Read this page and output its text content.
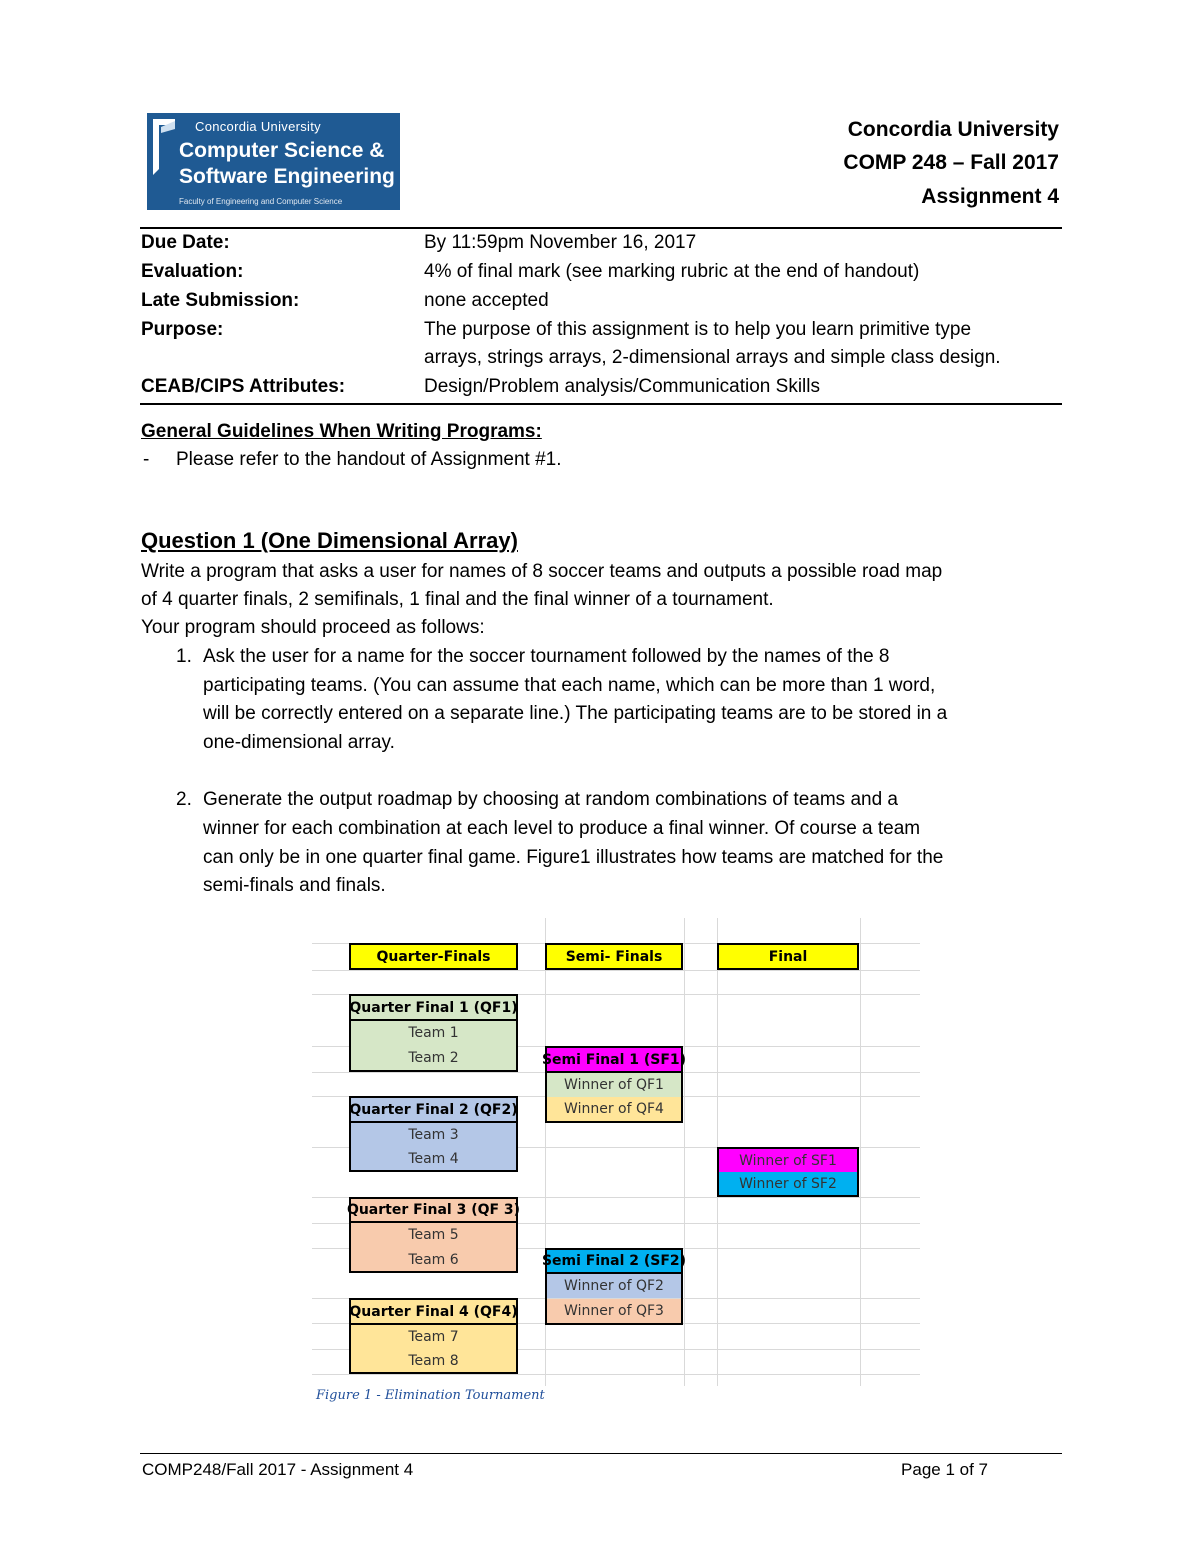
Concordia University
Computer Science &
Software Engineering
Faculty of Engineering and Computer Science
Concordia University
COMP 248 – Fall 2017
Assignment 4
Due Date:	By 11:59pm November 16, 2017
Evaluation:	4% of final mark (see marking rubric at the end of handout)
Late Submission:	none accepted
Purpose:	The purpose of this assignment is to help you learn primitive type
arrays, strings arrays, 2-dimensional arrays and simple class design.
CEAB/CIPS Attributes:	Design/Problem analysis/Communication Skills
General Guidelines When Writing Programs:
- Please refer to the handout of Assignment #1.
Question 1 (One Dimensional Array)
Write a program that asks a user for names of 8 soccer teams and outputs a possible road map
of 4 quarter finals, 2 semifinals, 1 final and the final winner of a tournament.
Your program should proceed as follows:
1. Ask the user for a name for the soccer tournament followed by the names of the 8
participating teams. (You can assume that each name, which can be more than 1 word,
will be correctly entered on a separate line.) The participating teams are to be stored in a
one-dimensional array.
2. Generate the output roadmap by choosing at random combinations of teams and a
winner for each combination at each level to produce a final winner. Of course a team
can only be in one quarter final game. Figure1 illustrates how teams are matched for the
semi-finals and finals.
Quarter-Finals	Semi- Finals	Final
Quarter Final 1 (QF1)
Team 1
Team 2
Quarter Final 2 (QF2)
Team 3
Team 4
Quarter Final 3 (QF 3)
Team 5
Team 6
Quarter Final 4 (QF4)
Team 7
Team 8
Semi Final 1 (SF1)
Winner of QF1
Winner of QF4
Semi Final 2 (SF2)
Winner of QF2
Winner of QF3
Winner of SF1
Winner of SF2
Figure 1 - Elimination Tournament
COMP248/Fall 2017 - Assignment 4	Page 1 of 7
